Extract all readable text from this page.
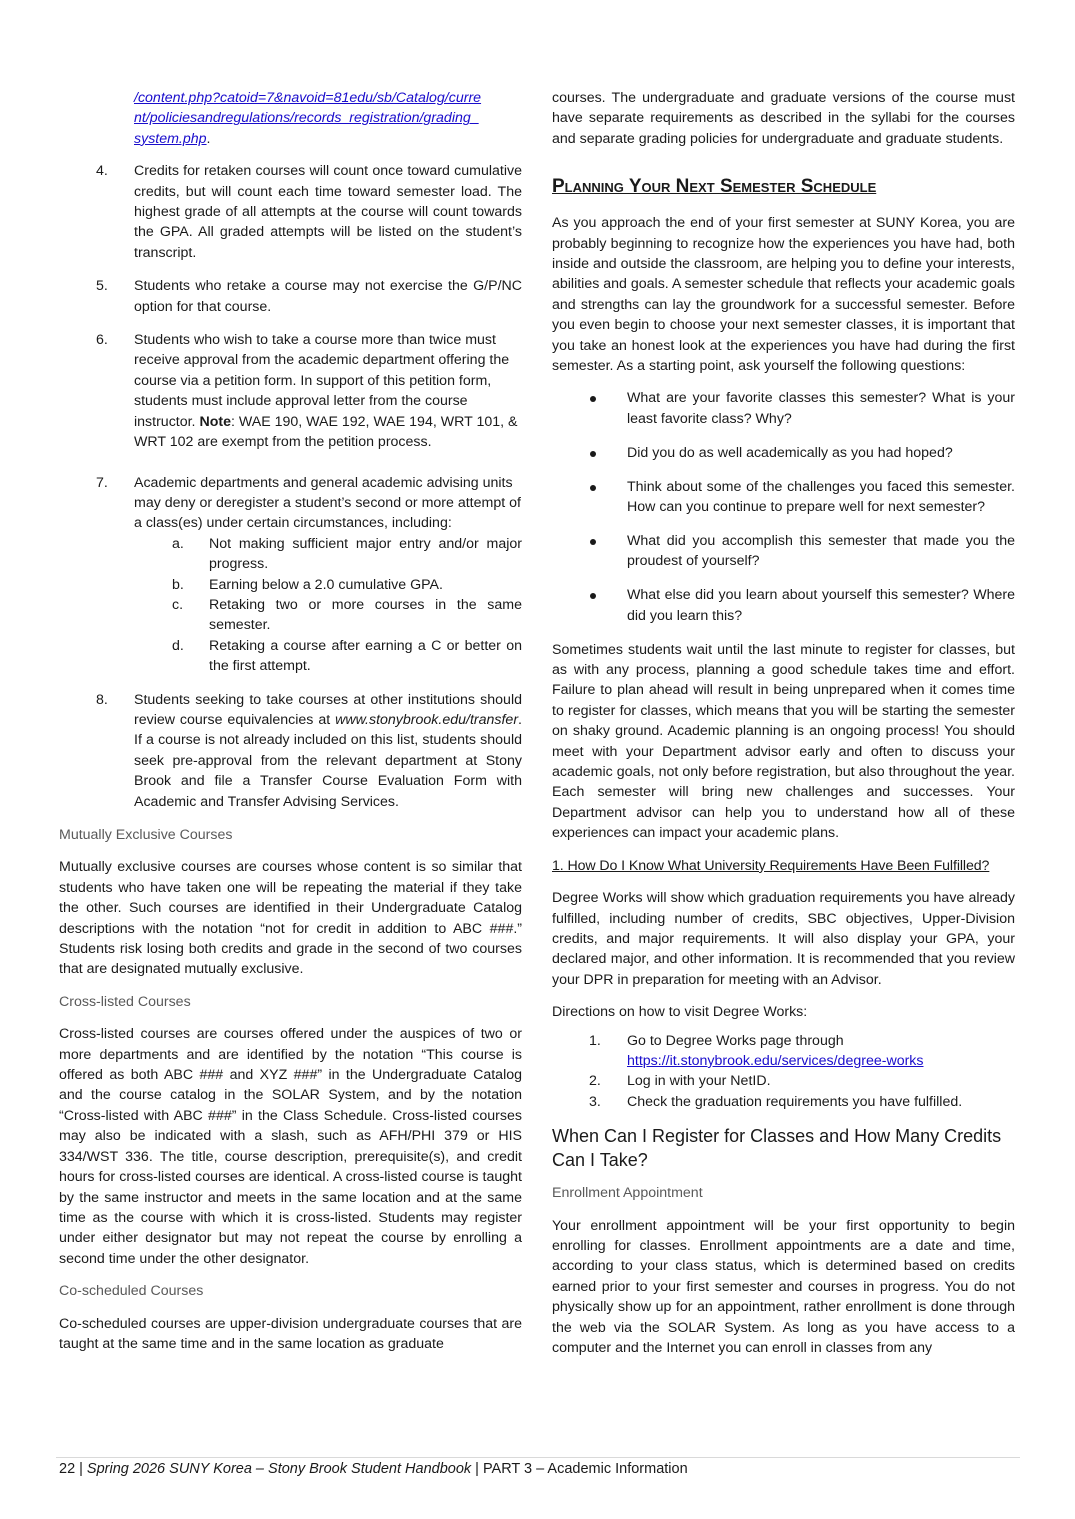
/content.php?catoid=7&navoid=81edu/sb/Catalog/curre
nt/policiesandregulations/records_registration/grading_
system.php.

4. Credits for retaken courses will count once toward cumulative credits, but will count each time toward semester load. The highest grade of all attempts at the course will count towards the GPA. All graded attempts will be listed on the student’s transcript.
5. Students who retake a course may not exercise the G/P/NC option for that course.
6. Students who wish to take a course more than twice must receive approval from the academic department offering the course via a petition form. In support of this petition form, students must include approval letter from the course instructor. Note: WAE 190, WAE 192, WAE 194, WRT 101, & WRT 102 are exempt from the petition process.
7. Academic departments and general academic advising units may deny or deregister a student’s second or more attempt of a class(es) under certain circumstances, including:
a. Not making sufficient major entry and/or major progress.
b. Earning below a 2.0 cumulative GPA.
c. Retaking two or more courses in the same semester.
d. Retaking a course after earning a C or better on the first attempt.
8. Students seeking to take courses at other institutions should review course equivalencies at www.stonybrook.edu/transfer. If a course is not already included on this list, students should seek pre-approval from the relevant department at Stony Brook and file a Transfer Course Evaluation Form with Academic and Transfer Advising Services.
Mutually Exclusive Courses

Mutually exclusive courses are courses whose content is so similar that students who have taken one will be repeating the material if they take the other. Such courses are identified in their Undergraduate Catalog descriptions with the notation “not for credit in addition to ABC ###.” Students risk losing both credits and grade in the second of two courses that are designated mutually exclusive.

Cross-listed Courses

Cross-listed courses are courses offered under the auspices of two or more departments and are identified by the notation “This course is offered as both ABC ### and XYZ ###” in the Undergraduate Catalog and the course catalog in the SOLAR System, and by the notation “Cross-listed with ABC ###” in the Class Schedule. Cross-listed courses may also be indicated with a slash, such as AFH/PHI 379 or HIS 334/WST 336. The title, course description, prerequisite(s), and credit hours for cross-listed courses are identical. A cross-listed course is taught by the same instructor and meets in the same location and at the same time as the course with which it is cross-listed. Students may register under either designator but may not repeat the course by enrolling a second time under the other designator.

Co-scheduled Courses

Co-scheduled courses are upper-division undergraduate courses that are taught at the same time and in the same location as graduate

courses. The undergraduate and graduate versions of the course must have separate requirements as described in the syllabi for the courses and separate grading policies for undergraduate and graduate students.

Planning Your Next Semester Schedule

As you approach the end of your first semester at SUNY Korea, you are probably beginning to recognize how the experiences you have had, both inside and outside the classroom, are helping you to define your interests, abilities and goals. A semester schedule that reflects your academic goals and strengths can lay the groundwork for a successful semester. Before you even begin to choose your next semester classes, it is important that you take an honest look at the experiences you have had during the first semester. As a starting point, ask yourself the following questions:

What are your favorite classes this semester? What is your least favorite class? Why?
Did you do as well academically as you had hoped?
Think about some of the challenges you faced this semester. How can you continue to prepare well for next semester?
What did you accomplish this semester that made you the proudest of yourself?
What else did you learn about yourself this semester? Where did you learn this?

Sometimes students wait until the last minute to register for classes, but as with any process, planning a good schedule takes time and effort. Failure to plan ahead will result in being unprepared when it comes time to register for classes, which means that you will be starting the semester on shaky ground. Academic planning is an ongoing process! You should meet with your Department advisor early and often to discuss your academic goals, not only before registration, but also throughout the year. Each semester will bring new challenges and successes. Your Department advisor can help you to understand how all of these experiences can impact your academic plans.

1. How Do I Know What University Requirements Have Been Fulfilled?

Degree Works will show which graduation requirements you have already fulfilled, including number of credits, SBC objectives, Upper-Division credits, and major requirements. It will also display your GPA, your declared major, and other information. It is recommended that you review your DPR in preparation for meeting with an Advisor.

Directions on how to visit Degree Works:

1. Go to Degree Works page through
https://it.stonybrook.edu/services/degree-works
2. Log in with your NetID.
3. Check the graduation requirements you have fulfilled.
When Can I Register for Classes and How Many Credits Can I Take?
Enrollment Appointment

Your enrollment appointment will be your first opportunity to begin enrolling for classes. Enrollment appointments are a date and time, according to your class status, which is determined based on credits earned prior to your first semester and courses in progress. You do not physically show up for an appointment, rather enrollment is done through the web via the SOLAR System. As long as you have access to a computer and the Internet you can enroll in classes from any

22 | Spring 2026 SUNY Korea – Stony Brook Student Handbook | PART 3 – Academic Information
